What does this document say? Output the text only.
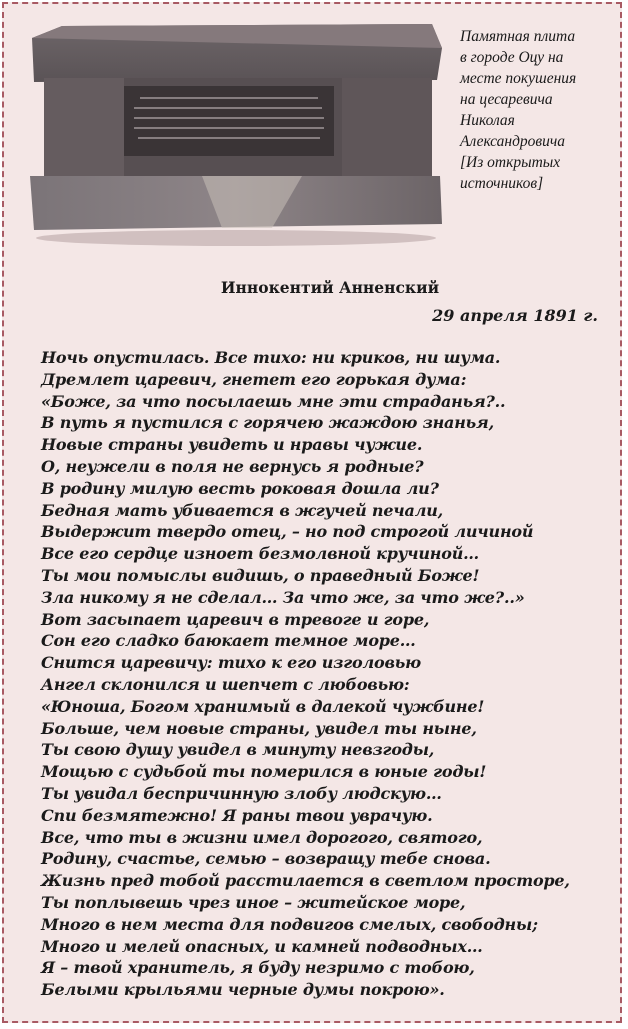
Памятная плита
в городе Оцу на
месте покушения
на цесаревича
Николая
Александровича
[Из открытых
источников]
Иннокентий Анненский
29 апреля 1891 г.
Ночь опустилась. Все тихо: ни криков, ни шума.
Дремлет царевич, гнетет его горькая дума:
«Боже, за что посылаешь мне эти страданья?..
В путь я пустился с горячею жаждою знанья,
Новые страны увидеть и нравы чужие.
О, неужели в поля не вернусь я родные?
В родину милую весть роковая дошла ли?
Бедная мать убивается в жгучей печали,
Выдержит твердо отец, – но под строгой личиной
Все его сердце изноет безмолвной кручиной…
Ты мои помыслы видишь, о праведный Боже!
Зла никому я не сделал… За что же, за что же?..»
Вот засыпает царевич в тревоге и горе,
Сон его сладко баюкает темное море…
Снится царевичу: тихо к его изголовью
Ангел склонился и шепчет с любовью:
«Юноша, Богом хранимый в далекой чужбине!
Больше, чем новые страны, увидел ты ныне,
Ты свою душу увидел в минуту невзгоды,
Мощью с судьбой ты померился в юные годы!
Ты увидал беспричинную злобу людскую…
Спи безмятежно! Я раны твои уврачую.
Все, что ты в жизни имел дорогого, святого,
Родину, счастье, семью – возвращу тебе снова.
Жизнь пред тобой расстилается в светлом просторе,
Ты поплывешь чрез иное – житейское море,
Много в нем места для подвигов смелых, свободны;
Много и мелей опасных, и камней подводных…
Я – твой хранитель, я буду незримо с тобою,
Белыми крыльями черные думы покрою».
